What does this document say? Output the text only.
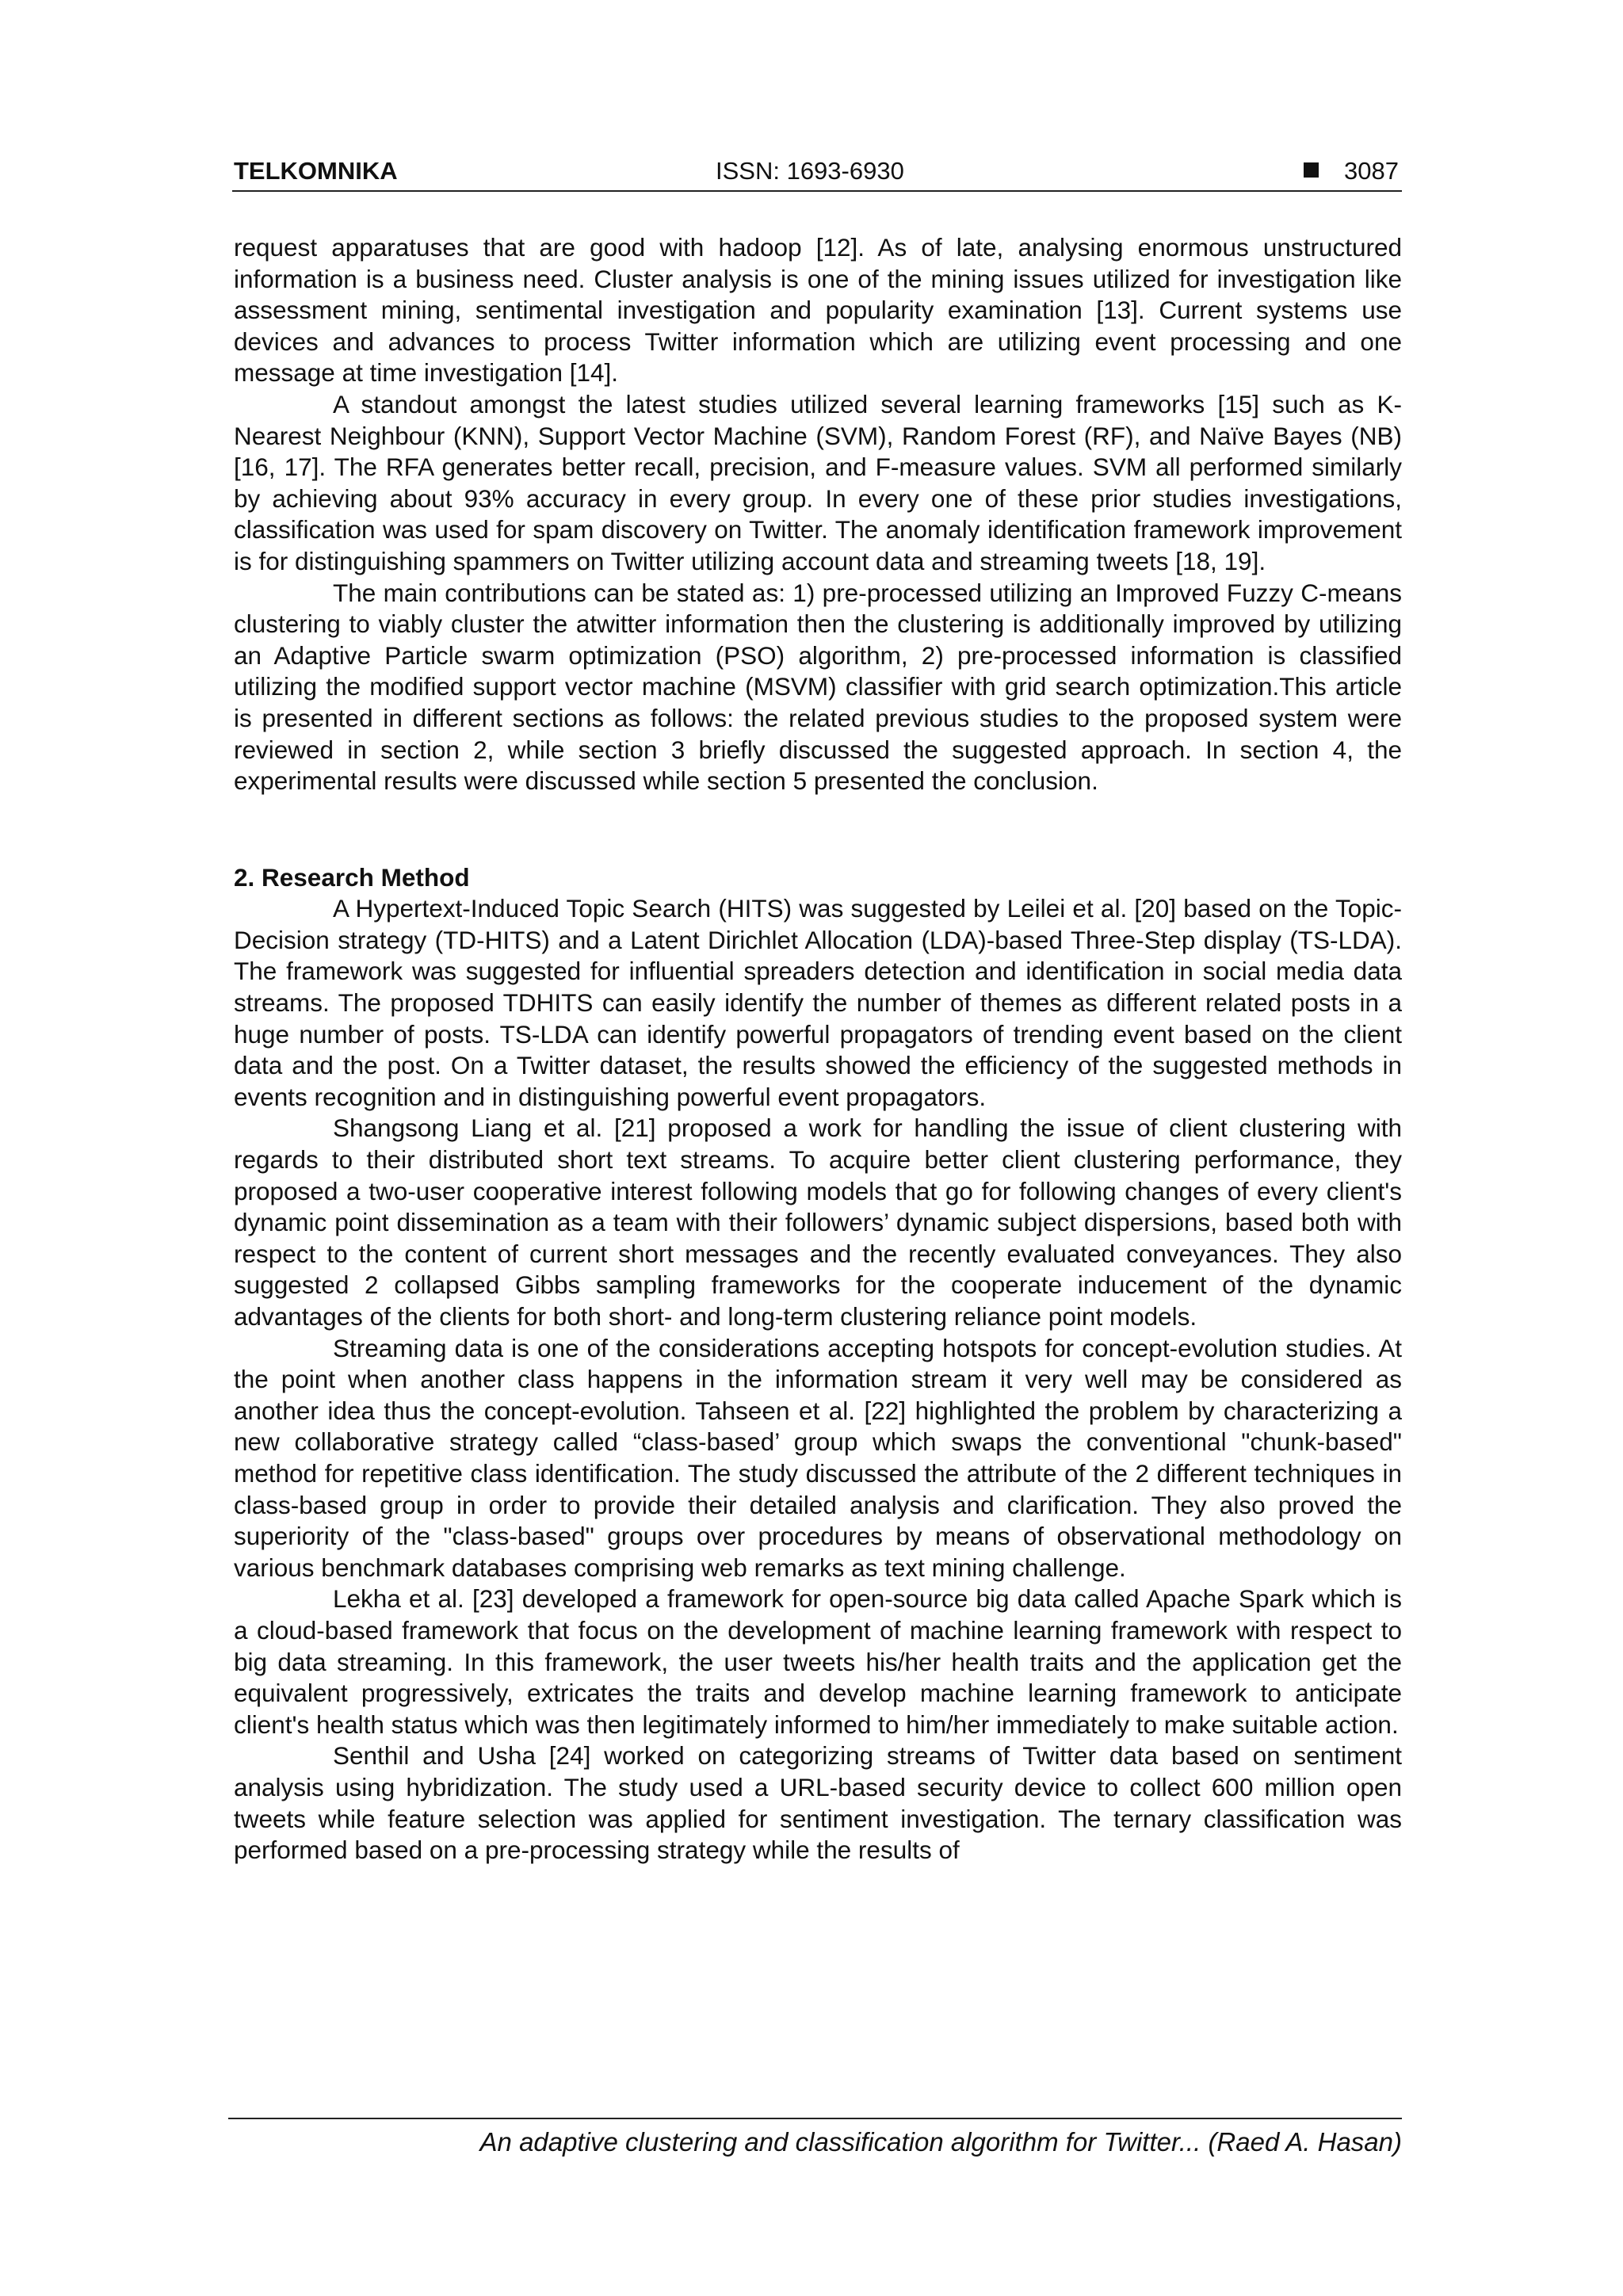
TELKOMNIKA	ISSN: 1693-6930	3087

request apparatuses that are good with hadoop [12]. As of late, analysing enormous unstructured information is a business need. Cluster analysis is one of the mining issues utilized for investigation like assessment mining, sentimental investigation and popularity examination [13]. Current systems use devices and advances to process Twitter information which are utilizing event processing and one message at time investigation [14].

A standout amongst the latest studies utilized several learning frameworks [15] such as K-Nearest Neighbour (KNN), Support Vector Machine (SVM), Random Forest (RF), and Naïve Bayes (NB) [16, 17]. The RFA generates better recall, precision, and F-measure values. SVM all performed similarly by achieving about 93% accuracy in every group. In every one of these prior studies investigations, classification was used for spam discovery on Twitter. The anomaly identification framework improvement is for distinguishing spammers on Twitter utilizing account data and streaming tweets [18, 19].

The main contributions can be stated as: 1) pre-processed utilizing an Improved Fuzzy C-means clustering to viably cluster the atwitter information then the clustering is additionally improved by utilizing an Adaptive Particle swarm optimization (PSO) algorithm, 2) pre-processed information is classified utilizing the modified support vector machine (MSVM) classifier with grid search optimization.This article is presented in different sections as follows: the related previous studies to the proposed system were reviewed in section 2, while section 3 briefly discussed the suggested approach. In section 4, the experimental results were discussed while section 5 presented the conclusion.

2. Research Method

A Hypertext-Induced Topic Search (HITS) was suggested by Leilei et al. [20] based on the Topic-Decision strategy (TD-HITS) and a Latent Dirichlet Allocation (LDA)-based Three-Step display (TS-LDA). The framework was suggested for influential spreaders detection and identification in social media data streams. The proposed TDHITS can easily identify the number of themes as different related posts in a huge number of posts. TS-LDA can identify powerful propagators of trending event based on the client data and the post. On a Twitter dataset, the results showed the efficiency of the suggested methods in events recognition and in distinguishing powerful event propagators.

Shangsong Liang et al. [21] proposed a work for handling the issue of client clustering with regards to their distributed short text streams. To acquire better client clustering performance, they proposed a two-user cooperative interest following models that go for following changes of every client's dynamic point dissemination as a team with their followers’ dynamic subject dispersions, based both with respect to the content of current short messages and the recently evaluated conveyances. They also suggested 2 collapsed Gibbs sampling frameworks for the cooperate inducement of the dynamic advantages of the clients for both short- and long-term clustering reliance point models.

Streaming data is one of the considerations accepting hotspots for concept-evolution studies. At the point when another class happens in the information stream it very well may be considered as another idea thus the concept-evolution. Tahseen et al. [22] highlighted the problem by characterizing a new collaborative strategy called “class-based’ group which swaps the conventional "chunk-based" method for repetitive class identification. The study discussed the attribute of the 2 different techniques in class-based group in order to provide their detailed analysis and clarification. They also proved the superiority of the "class-based" groups over procedures by means of observational methodology on various benchmark databases comprising web remarks as text mining challenge.

Lekha et al. [23] developed a framework for open-source big data called Apache Spark which is a cloud-based framework that focus on the development of machine learning framework with respect to big data streaming. In this framework, the user tweets his/her health traits and the application get the equivalent progressively, extricates the traits and develop machine learning framework to anticipate client's health status which was then legitimately informed to him/her immediately to make suitable action.

Senthil and Usha [24] worked on categorizing streams of Twitter data based on sentiment analysis using hybridization. The study used a URL-based security device to collect 600 million open tweets while feature selection was applied for sentiment investigation. The ternary classification was performed based on a pre-processing strategy while the results of

An adaptive clustering and classification algorithm for Twitter... (Raed A. Hasan)
